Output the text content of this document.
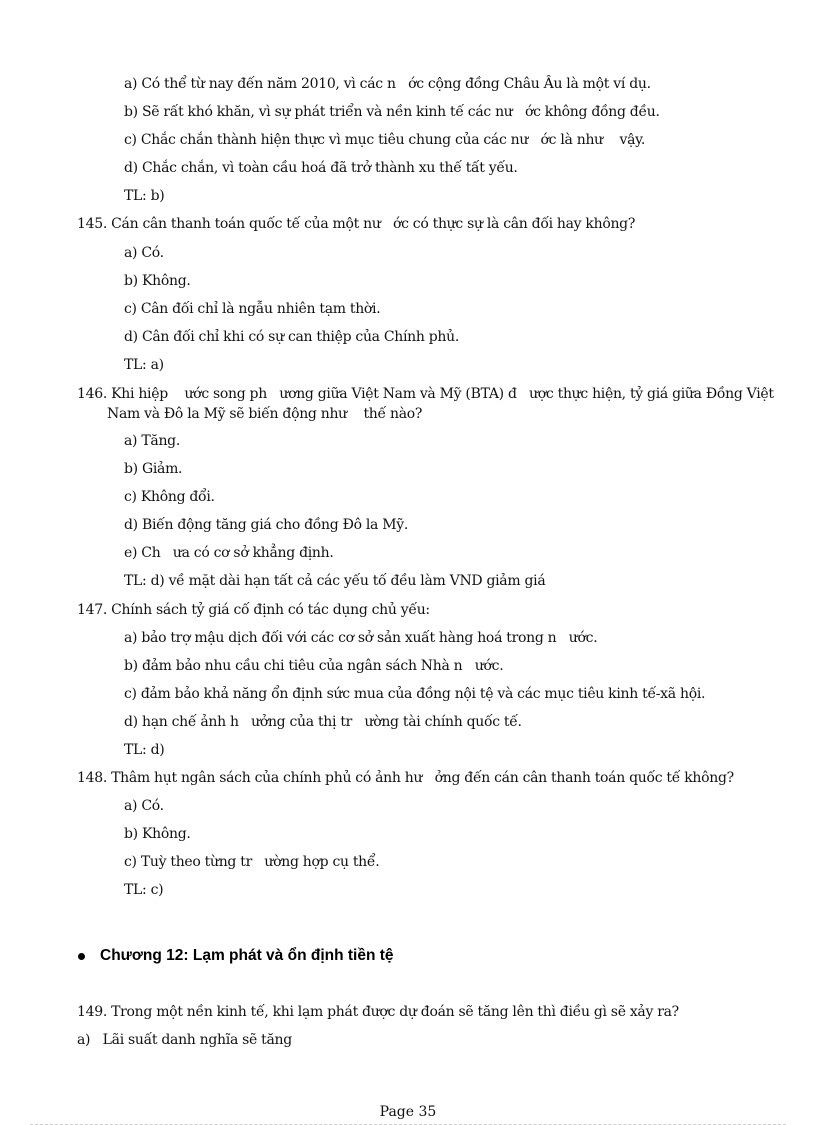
a) Có thể từ nay đến năm 2010, vì các n   ớc cộng đồng Châu Âu là một ví dụ.
b) Sẽ rất khó khăn, vì sự phát triển và nền kinh tế các nư   ớc không đồng đều.
c) Chắc chắn thành hiện thực vì mục tiêu chung của các nư   ớc là như    vậy.
d) Chắc chắn, vì toàn cầu hoá đã trở thành xu thế tất yếu.
TL: b)
145. Cán cân thanh toán quốc tế của một nư   ớc có thực sự là cân đối hay không?
a) Có.
b) Không.
c) Cân đối chỉ là ngẫu nhiên tạm thời.
d) Cân đối chỉ khi có sự can thiệp của Chính phủ.
TL: a)
146. Khi hiệp    ước song ph   ương giữa Việt Nam và Mỹ (BTA) đ   ược thực hiện, tỷ giá giữa Đồng Việt
Nam và Đô la Mỹ sẽ biến động như    thế nào?
a) Tăng.
b) Giảm.
c) Không đổi.
d) Biến động tăng giá cho đồng Đô la Mỹ.
e) Ch   ưa có cơ sở khẳng định.
TL: d) về mặt dài hạn tất cả các yếu tố đều làm VND giảm giá
147. Chính sách tỷ giá cố định có tác dụng chủ yếu:
a) bảo trợ mậu dịch đối với các cơ sở sản xuất hàng hoá trong n   ước.
b) đảm bảo nhu cầu chi tiêu của ngân sách Nhà n   ước.
c) đảm bảo khả năng ổn định sức mua của đồng nội tệ và các mục tiêu kinh tế-xã hội.
d) hạn chế ảnh h   ưởng của thị tr   ường tài chính quốc tế.
TL: d)
148. Thâm hụt ngân sách của chính phủ có ảnh hư   ởng đến cán cân thanh toán quốc tế không?
a) Có.
b) Không.
c) Tuỳ theo từng tr   ường hợp cụ thể.
TL: c)
Chương 12: Lạm phát và ổn định tiền tệ
149. Trong một nền kinh tế, khi lạm phát được dự đoán sẽ tăng lên thì điều gì sẽ xảy ra?
a)   Lãi suất danh nghĩa sẽ tăng
Page 35
